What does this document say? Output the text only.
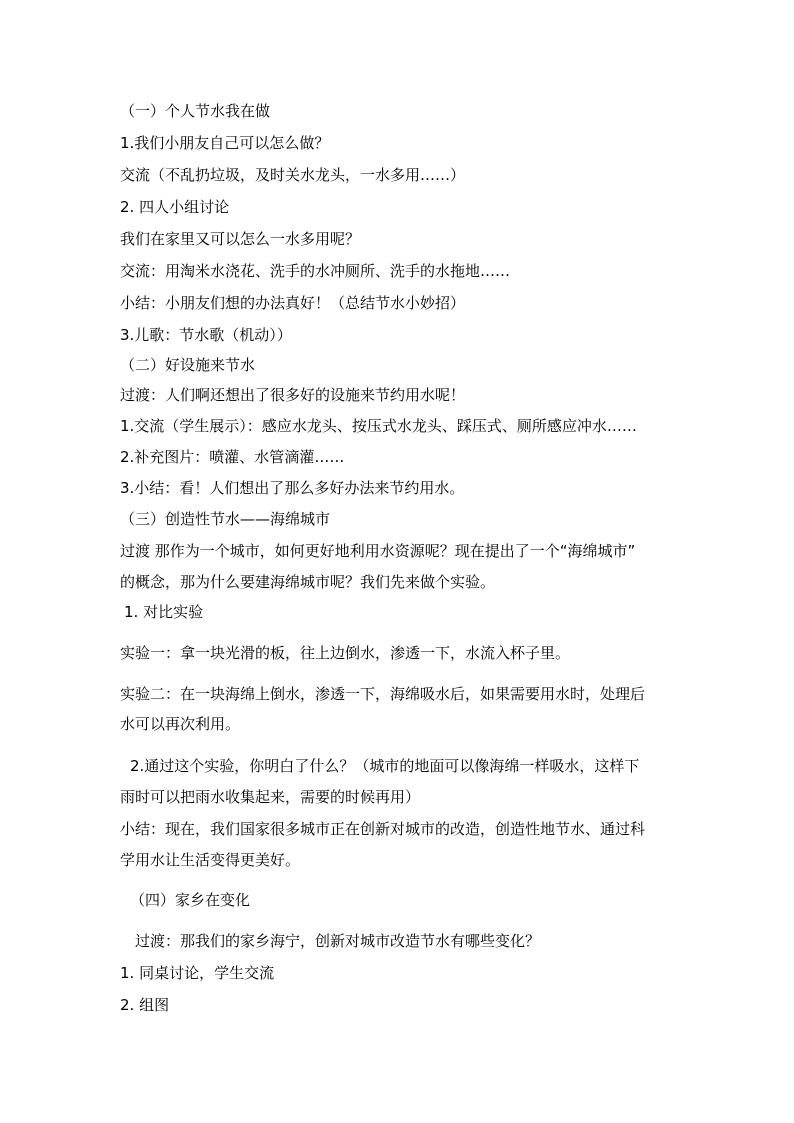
（一）个人节水我在做
1.我们小朋友自己可以怎么做？
交流（不乱扔垃圾，及时关水龙头，一水多用……）
2. 四人小组讨论
我们在家里又可以怎么一水多用呢？
交流：用淘米水浇花、洗手的水冲厕所、洗手的水拖地……
小结：小朋友们想的办法真好！（总结节水小妙招）
3.儿歌：节水歌（机动））
（二）好设施来节水
过渡：人们啊还想出了很多好的设施来节约用水呢！
1.交流（学生展示）：感应水龙头、按压式水龙头、踩压式、厕所感应冲水……
2.补充图片：喷灌、水管滴灌……
3.小结：看！人们想出了那么多好办法来节约用水。
（三）创造性节水——海绵城市
过渡 那作为一个城市，如何更好地利用水资源呢？现在提出了一个“海绵城市”
的概念，那为什么要建海绵城市呢？我们先来做个实验。
1. 对比实验
实验一：拿一块光滑的板，往上边倒水，渗透一下，水流入杯子里。
实验二：在一块海绵上倒水，渗透一下，海绵吸水后，如果需要用水时，处理后
水可以再次利用。
2.通过这个实验，你明白了什么？（城市的地面可以像海绵一样吸水，这样下
雨时可以把雨水收集起来，需要的时候再用）
小结：现在，我们国家很多城市正在创新对城市的改造，创造性地节水、通过科
学用水让生活变得更美好。
（四）家乡在变化
过渡：那我们的家乡海宁，创新对城市改造节水有哪些变化？
1. 同桌讨论，学生交流
2. 组图
